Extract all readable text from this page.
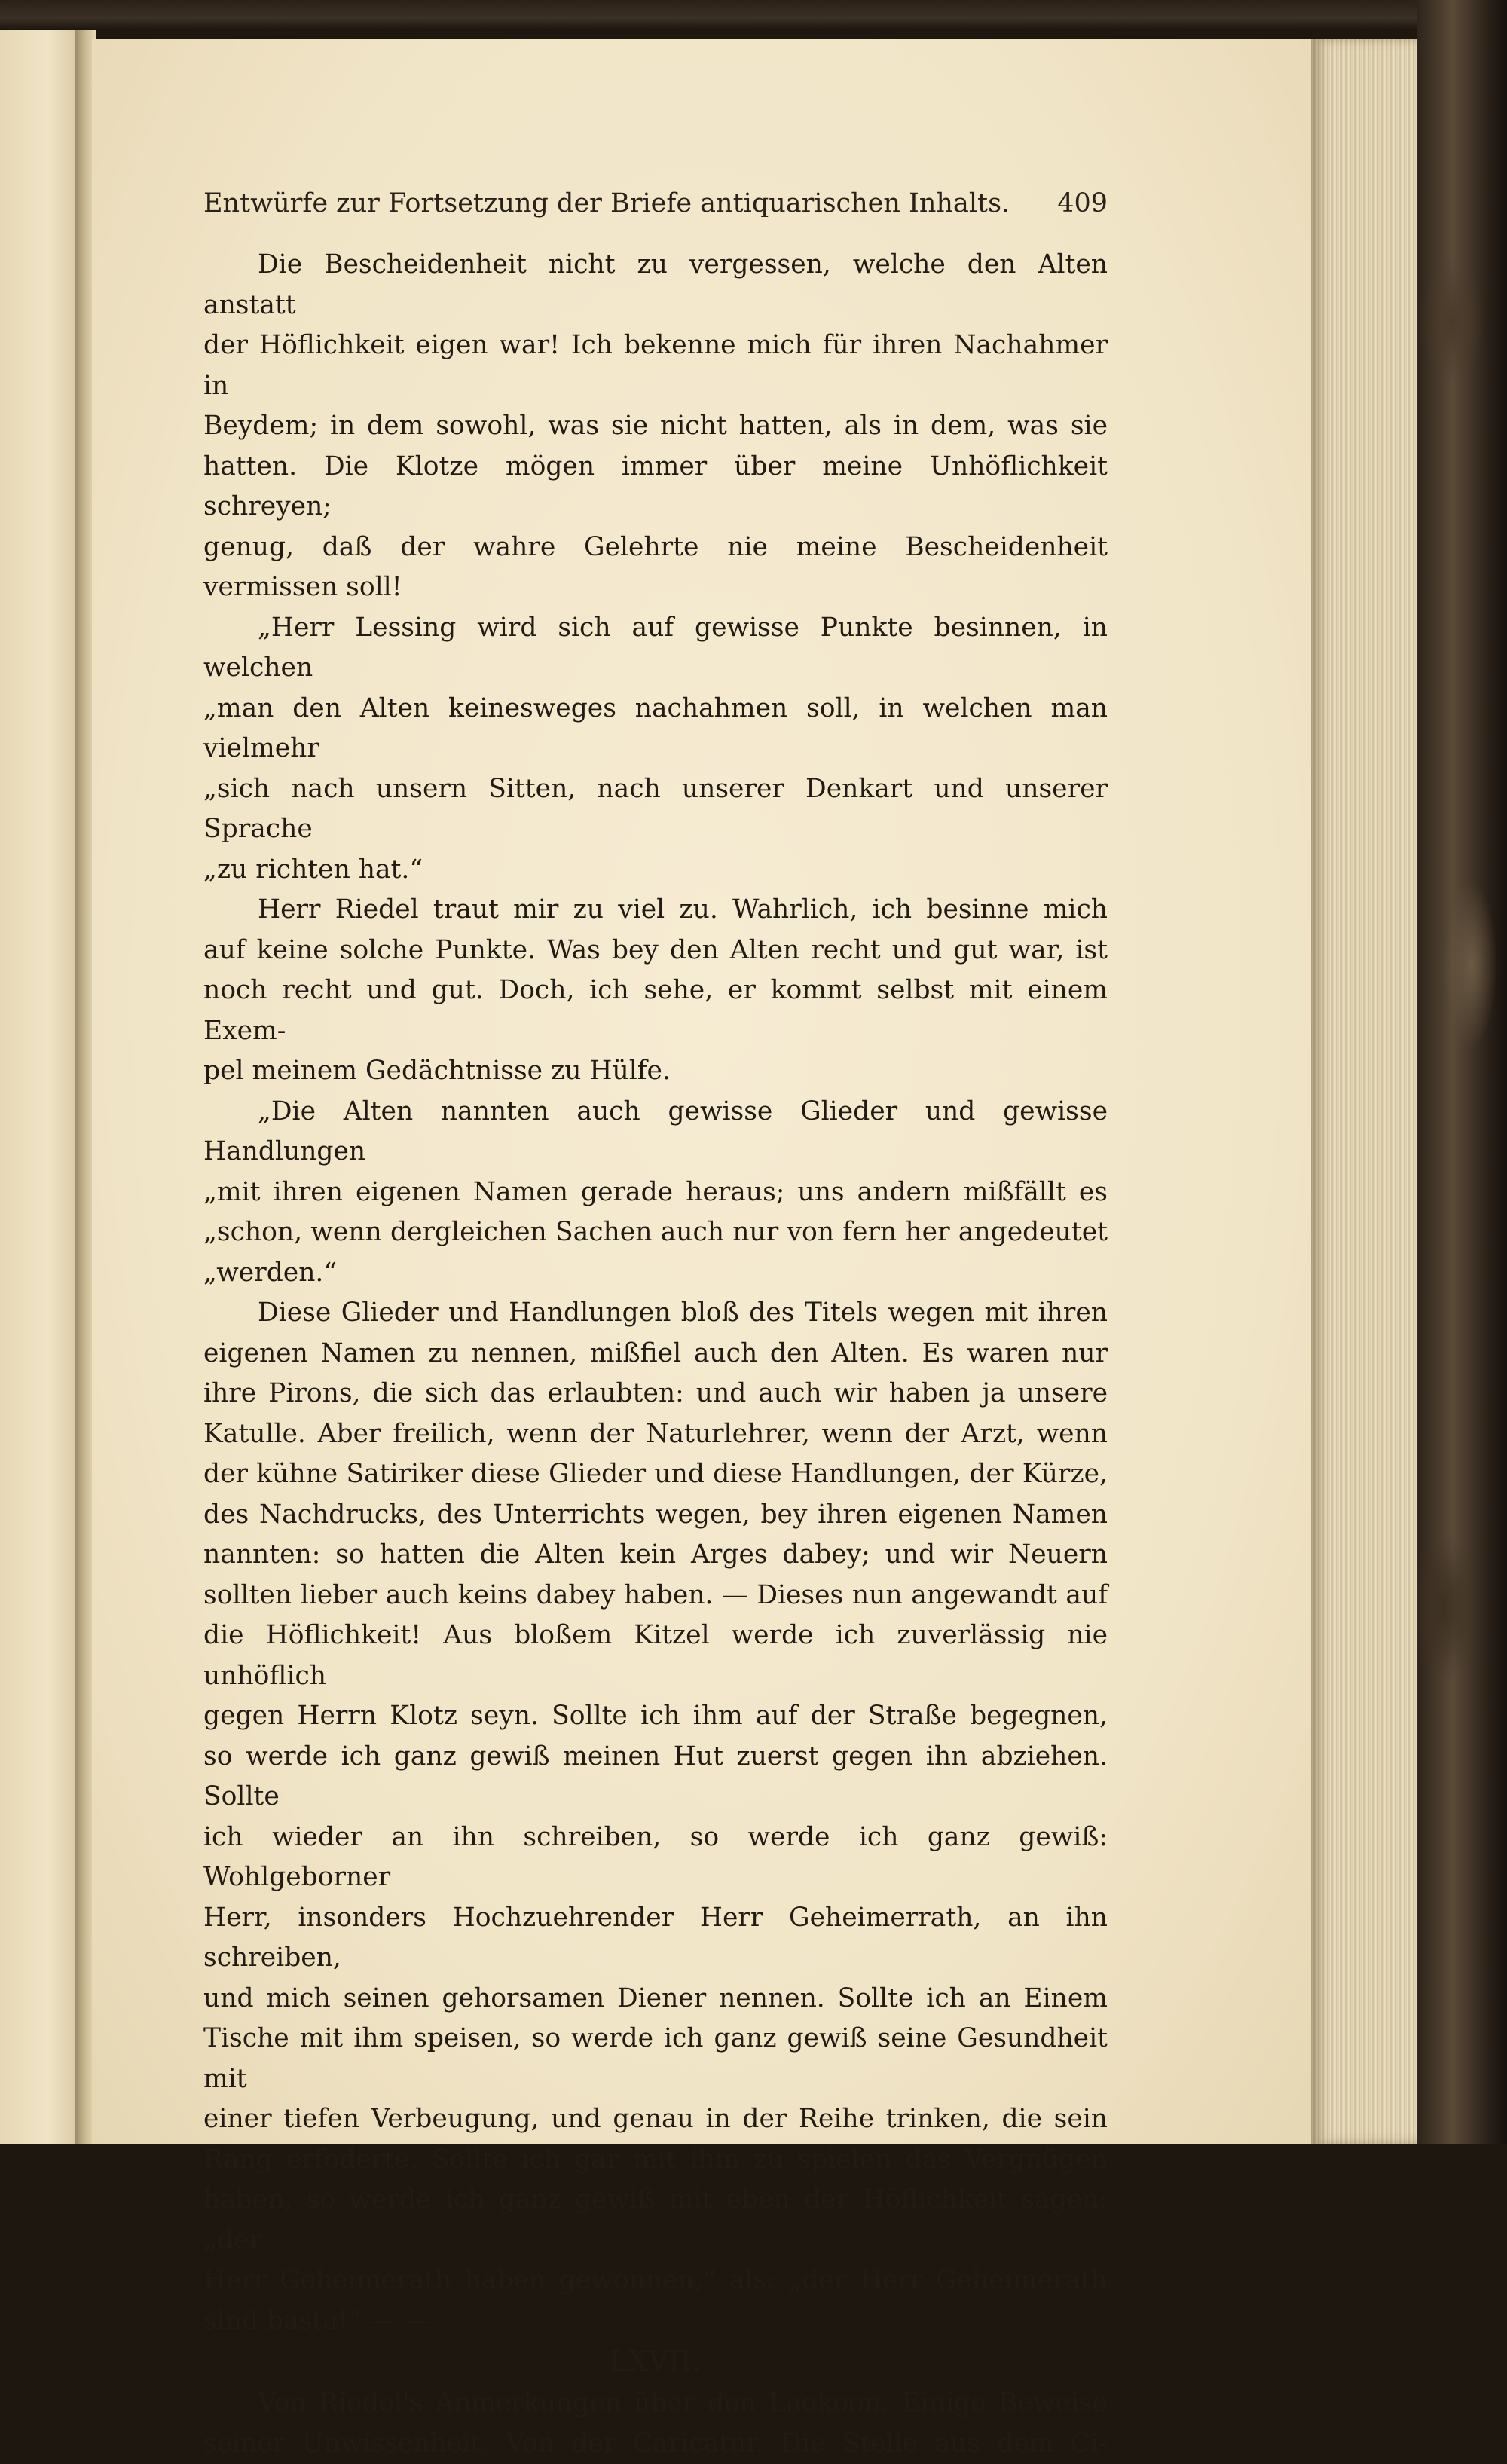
Entwürfe zur Fortsetzung der Briefe antiquarischen Inhalts. 409

Die Bescheidenheit nicht zu vergessen, welche den Alten anstatt

der Höflichkeit eigen war! Ich bekenne mich für ihren Nachahmer in

Beydem; in dem sowohl, was sie nicht hatten, als in dem, was sie

hatten. Die Klotze mögen immer über meine Unhöflichkeit schreyen;

genug, daß der wahre Gelehrte nie meine Bescheidenheit vermissen soll!

„Herr Lessing wird sich auf gewisse Punkte besinnen, in welchen

„man den Alten keinesweges nachahmen soll, in welchen man vielmehr

„sich nach unsern Sitten, nach unserer Denkart und unserer Sprache

„zu richten hat.“

Herr Riedel traut mir zu viel zu. Wahrlich, ich besinne mich

auf keine solche Punkte. Was bey den Alten recht und gut war, ist

noch recht und gut. Doch, ich sehe, er kommt selbst mit einem Exem-

pel meinem Gedächtnisse zu Hülfe.

„Die Alten nannten auch gewisse Glieder und gewisse Handlungen

„mit ihren eigenen Namen gerade heraus; uns andern mißfällt es

„schon, wenn dergleichen Sachen auch nur von fern her angedeutet

„werden.“

Diese Glieder und Handlungen bloß des Titels wegen mit ihren

eigenen Namen zu nennen, mißfiel auch den Alten. Es waren nur

ihre Pirons, die sich das erlaubten: und auch wir haben ja unsere

Katulle. Aber freilich, wenn der Naturlehrer, wenn der Arzt, wenn

der kühne Satiriker diese Glieder und diese Handlungen, der Kürze,

des Nachdrucks, des Unterrichts wegen, bey ihren eigenen Namen

nannten: so hatten die Alten kein Arges dabey; und wir Neuern

sollten lieber auch keins dabey haben. — Dieses nun angewandt auf

die Höflichkeit! Aus bloßem Kitzel werde ich zuverlässig nie unhöflich

gegen Herrn Klotz seyn. Sollte ich ihm auf der Straße begegnen,

so werde ich ganz gewiß meinen Hut zuerst gegen ihn abziehen. Sollte

ich wieder an ihn schreiben, so werde ich ganz gewiß: Wohlgeborner

Herr, insonders Hochzuehrender Herr Geheimerrath, an ihn schreiben,

und mich seinen gehorsamen Diener nennen. Sollte ich an Einem

Tische mit ihm speisen, so werde ich ganz gewiß seine Gesundheit mit

einer tiefen Verbeugung, und genau in der Reihe trinken, die sein

Rang erfoderte. Sollte ich gar mit ihm zu spielen das Vergnügen

haben, so werde ich ganz gewiß mit eben der Höflichkeit sagen: „der

Herr Geheimerath haben gewonnen,“ als: „der Herr Geheimerath

sind basta!“ — —

LXVII.

Von Riedel's Anmerkungen über den Laokoon. Einige Beweise

seiner Unwissenheit. Von der Caricatur. Die Stelle aus dem Ci-
